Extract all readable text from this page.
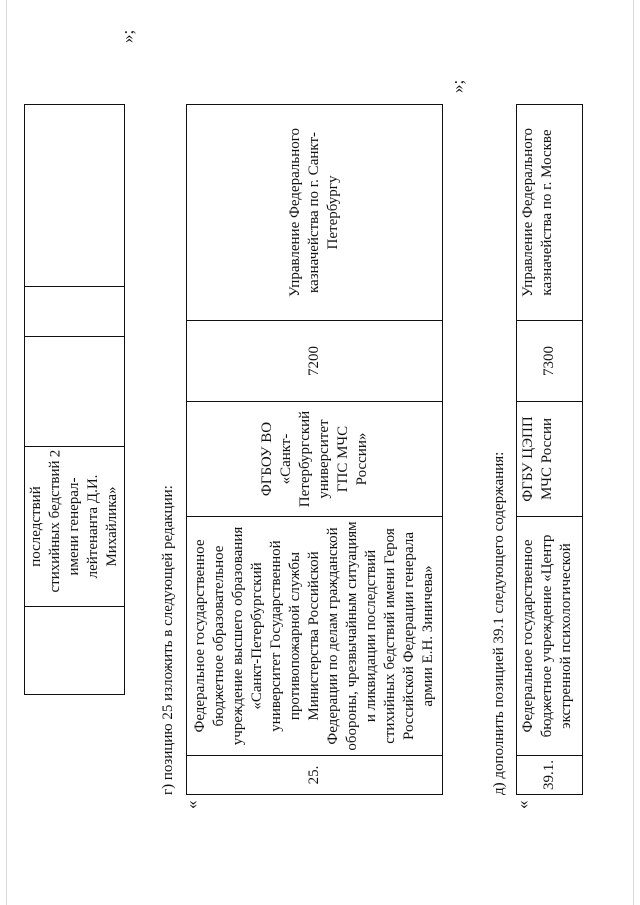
2
	последствий стихийных бедствий имени генерал-лейтенанта Д.И. Михайлика»			
»;
г) позицию 25 изложить в следующей редакции:
«
25.	Федеральное государственное бюджетное образовательное учреждение высшего образования «Санкт-Петербургский университет Государственной противопожарной службы Министерства Российской Федерации по делам гражданской обороны, чрезвычайным ситуациям и ликвидации последствий стихийных бедствий имени Героя Российской Федерации генерала армии Е.Н. Зиничева»	ФГБОУ ВО «Санкт-Петербургский университет ГПС МЧС России»	7200	Управление Федерального казначейства по г. Санкт-Петербургу
»;
д) дополнить позицией 39.1 следующего содержания:
«
39.1.	Федеральное государственное бюджетное учреждение «Центр экстренной психологической	ФГБУ ЦЭПП МЧС России	7300	Управление Федерального казначейства по г. Москве
